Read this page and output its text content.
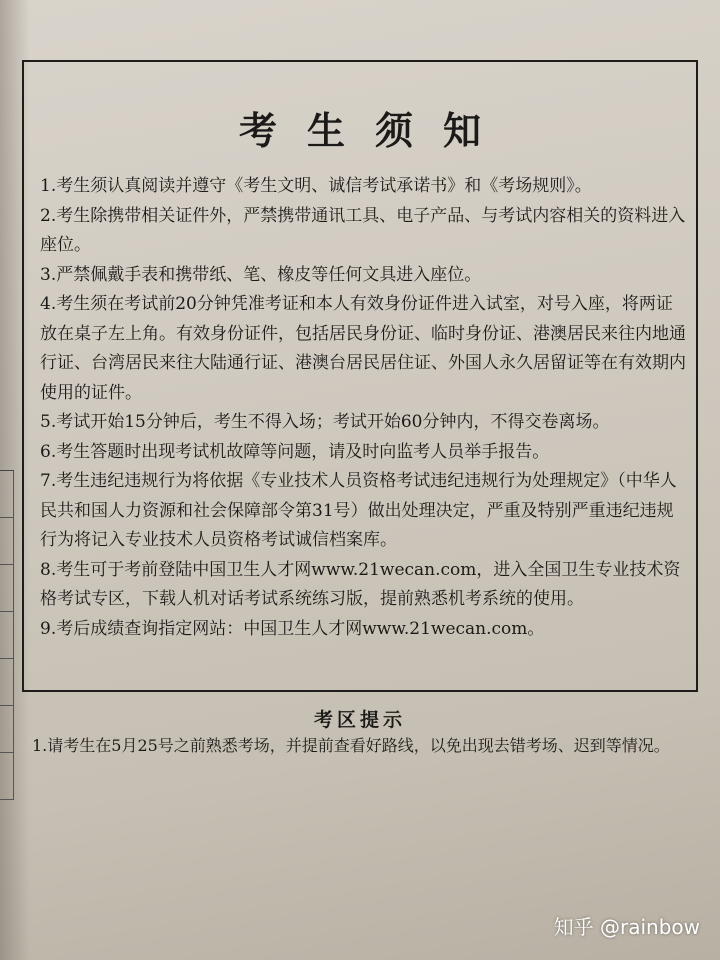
考生须知
1.考生须认真阅读并遵守《考生文明、诚信考试承诺书》和《考场规则》。
2.考生除携带相关证件外，严禁携带通讯工具、电子产品、与考试内容相关的资料进入座位。
3.严禁佩戴手表和携带纸、笔、橡皮等任何文具进入座位。
4.考生须在考试前20分钟凭准考证和本人有效身份证件进入试室，对号入座，将两证放在桌子左上角。有效身份证件，包括居民身份证、临时身份证、港澳居民来往内地通行证、台湾居民来往大陆通行证、港澳台居民居住证、外国人永久居留证等在有效期内使用的证件。
5.考试开始15分钟后，考生不得入场；考试开始60分钟内，不得交卷离场。
6.考生答题时出现考试机故障等问题，请及时向监考人员举手报告。
7.考生违纪违规行为将依据《专业技术人员资格考试违纪违规行为处理规定》（中华人民共和国人力资源和社会保障部令第31号）做出处理决定，严重及特别严重违纪违规行为将记入专业技术人员资格考试诚信档案库。
8.考生可于考前登陆中国卫生人才网www.21wecan.com，进入全国卫生专业技术资格考试专区，下载人机对话考试系统练习版，提前熟悉机考系统的使用。
9.考后成绩查询指定网站：中国卫生人才网www.21wecan.com。
考区提示

1.请考生在5月25号之前熟悉考场，并提前查看好路线，以免出现去错考场、迟到等情况。

知乎 @rainbow
